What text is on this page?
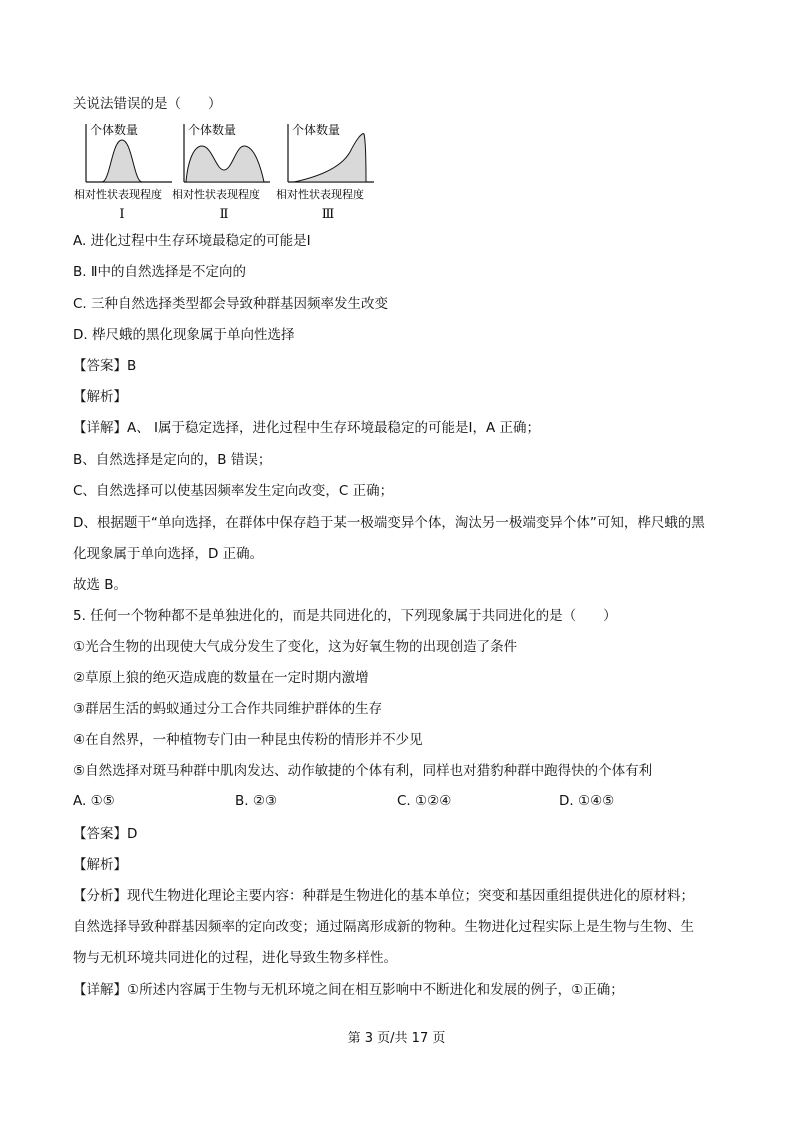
关说法错误的是（　　）
个体数量
相对性状表现程度
Ⅰ
个体数量
相对性状表现程度
Ⅱ
个体数量
相对性状表现程度
Ⅲ
A. 进化过程中生存环境最稳定的可能是Ⅰ
B. Ⅱ中的自然选择是不定向的
C. 三种自然选择类型都会导致种群基因频率发生改变
D. 桦尺蛾的黑化现象属于单向性选择
【答案】B
【解析】
【详解】A、 Ⅰ属于稳定选择，进化过程中生存环境最稳定的可能是Ⅰ，A 正确；
B、自然选择是定向的，B 错误；
C、自然选择可以使基因频率发生定向改变，C 正确；
D、根据题干“单向选择，在群体中保存趋于某一极端变异个体，淘汰另一极端变异个体”可知，桦尺蛾的黑
化现象属于单向选择，D 正确。
故选 B。
5. 任何一个物种都不是单独进化的，而是共同进化的，下列现象属于共同进化的是（　　）
①光合生物的出现使大气成分发生了变化，这为好氧生物的出现创造了条件
②草原上狼的绝灭造成鹿的数量在一定时期内激增
③群居生活的蚂蚁通过分工合作共同维护群体的生存
④在自然界，一种植物专门由一种昆虫传粉的情形并不少见
⑤自然选择对斑马种群中肌肉发达、动作敏捷的个体有利，同样也对猎豹种群中跑得快的个体有利
A. ①⑤	B. ②③	C. ①②④	D. ①④⑤
【答案】D
【解析】
【分析】现代生物进化理论主要内容：种群是生物进化的基本单位；突变和基因重组提供进化的原材料；
自然选择导致种群基因频率的定向改变；通过隔离形成新的物种。生物进化过程实际上是生物与生物、生
物与无机环境共同进化的过程，进化导致生物多样性。
【详解】①所述内容属于生物与无机环境之间在相互影响中不断进化和发展的例子，①正确；
第 3 页/共 17 页
